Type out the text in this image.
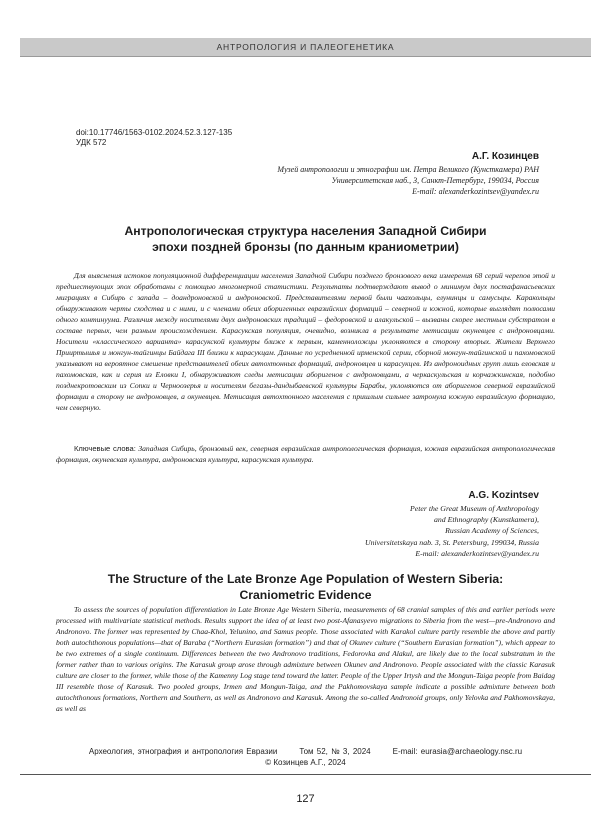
АНТРОПОЛОГИЯ И ПАЛЕОГЕНЕТИКА
doi:10.17746/1563-0102.2024.52.3.127-135
УДК 572
А.Г. Козинцев
Музей антропологии и этнографии им. Петра Великого (Кунсткамера) РАН
Университетская наб., 3, Санкт-Петербург, 199034, Россия
E-mail: alexanderkozintsev@yandex.ru
Антропологическая структура населения Западной Сибири
эпохи поздней бронзы (по данным краниометрии)

Для выяснения истоков популяционной дифференциации населения Западной Сибири позднего бронзового века измерения 68 серий черепов этой и предшествующих эпох обработаны с помощью многомерной статистики. Результаты подтверждают вывод о минимум двух постафанасьевских миграциях в Сибирь с запада – доандроновской и андроновской. Представителями первой были чаахольцы, елунинцы и самусьцы. Каракольцы обнаруживают черты сходства и с ними, и с членами обеих аборигенных евразийских формаций – северной и южной, которые выглядят полюсами одного континуума. Различия между носителями двух андроновских традиций – федоровской и алакульской – вызваны скорее местным субстратом в составе первых, чем разным происхождением. Карасукская популяция, очевидно, возникла в результате метисации окуневцев с андроновцами. Носители «классического варианта» карасукской культуры ближе к первым, каменноложцы уклоняются в сторону вторых. Жители Верхнего Прииртышья и монгун-тайгинцы Байдага III близки к карасукцам. Данные по усредненной ирменской серии, сборной монгун-тайгинской и пахомовской указывают на вероятное смешение представителей обеих автохтонных формаций, андроновцев и карасукцев. Из андроноидных групп лишь еловская и пахомовская, как и серия из Еловки I, обнаруживают следы метисации аборигенов с андроновцами, а черкаскульская и корчажкинская, подобно позднекротовским из Сопки и Черноозерья и носителям бегазы-дандыбаевской культуры Барабы, уклоняются от аборигенов северной евразийской формации в сторону не андроновцев, а окуневцев. Метисация автохтонного населения с пришлым сильнее затронула южную евразийскую формацию, чем северную.

Ключевые слова: Западная Сибирь, бронзовый век, северная евразийская антропологическая формация, южная евразийская антропологическая формация, окуневская культура, андроновская культура, карасукская культура.

A.G. Kozintsev
Peter the Great Museum of Anthropology
and Ethnography (Kunstkamera),
Russian Academy of Sciences,
Universitetskaya nab. 3, St. Petersburg, 199034, Russia
E-mail: alexanderkozintsev@yandex.ru
The Structure of the Late Bronze Age Population of Western Siberia:
Craniometric Evidence

To assess the sources of population differentiation in Late Bronze Age Western Siberia, measurements of 68 cranial samples of this and earlier periods were processed with multivariate statistical methods. Results support the idea of at least two post-Afanasyevo migrations to Siberia from the west—pre-Andronovo and Andronovo. The former was represented by Chaa-Khol, Yelunino, and Samus people. Those associated with Karakol culture partly resemble the above and partly both autochthonous populations—that of Baraba (“Northern Eurasian formation”) and that of Okunev culture (“Southern Eurasian formation”), which appear to be two extremes of a single continuum. Differences between the two Andronovo traditions, Fedorovka and Alakul, are likely due to the local substratum in the former rather than to various origins. The Karasuk group arose through admixture between Okunev and Andronovo. People associated with the classic Karasuk culture are closer to the former, while those of the Kamenny Log stage tend toward the latter. People of the Upper Irtysh and the Mongun-Taiga people from Baidag III resemble those of Karasuk. Two pooled groups, Irmen and Mongun-Taiga, and the Pakhomovskaya sample indicate a possible admixture between both autochthonous formations, Northern and Southern, as well as Andronovo and Karasuk. Among the so-called Andronoid groups, only Yelovka and Pakhomovskaya, as well as

Археология, этнография и антропология Евразии	Том 52, № 3, 2024	E-mail: eurasia@archaeology.nsc.ru
© Козинцев А.Г., 2024
127
